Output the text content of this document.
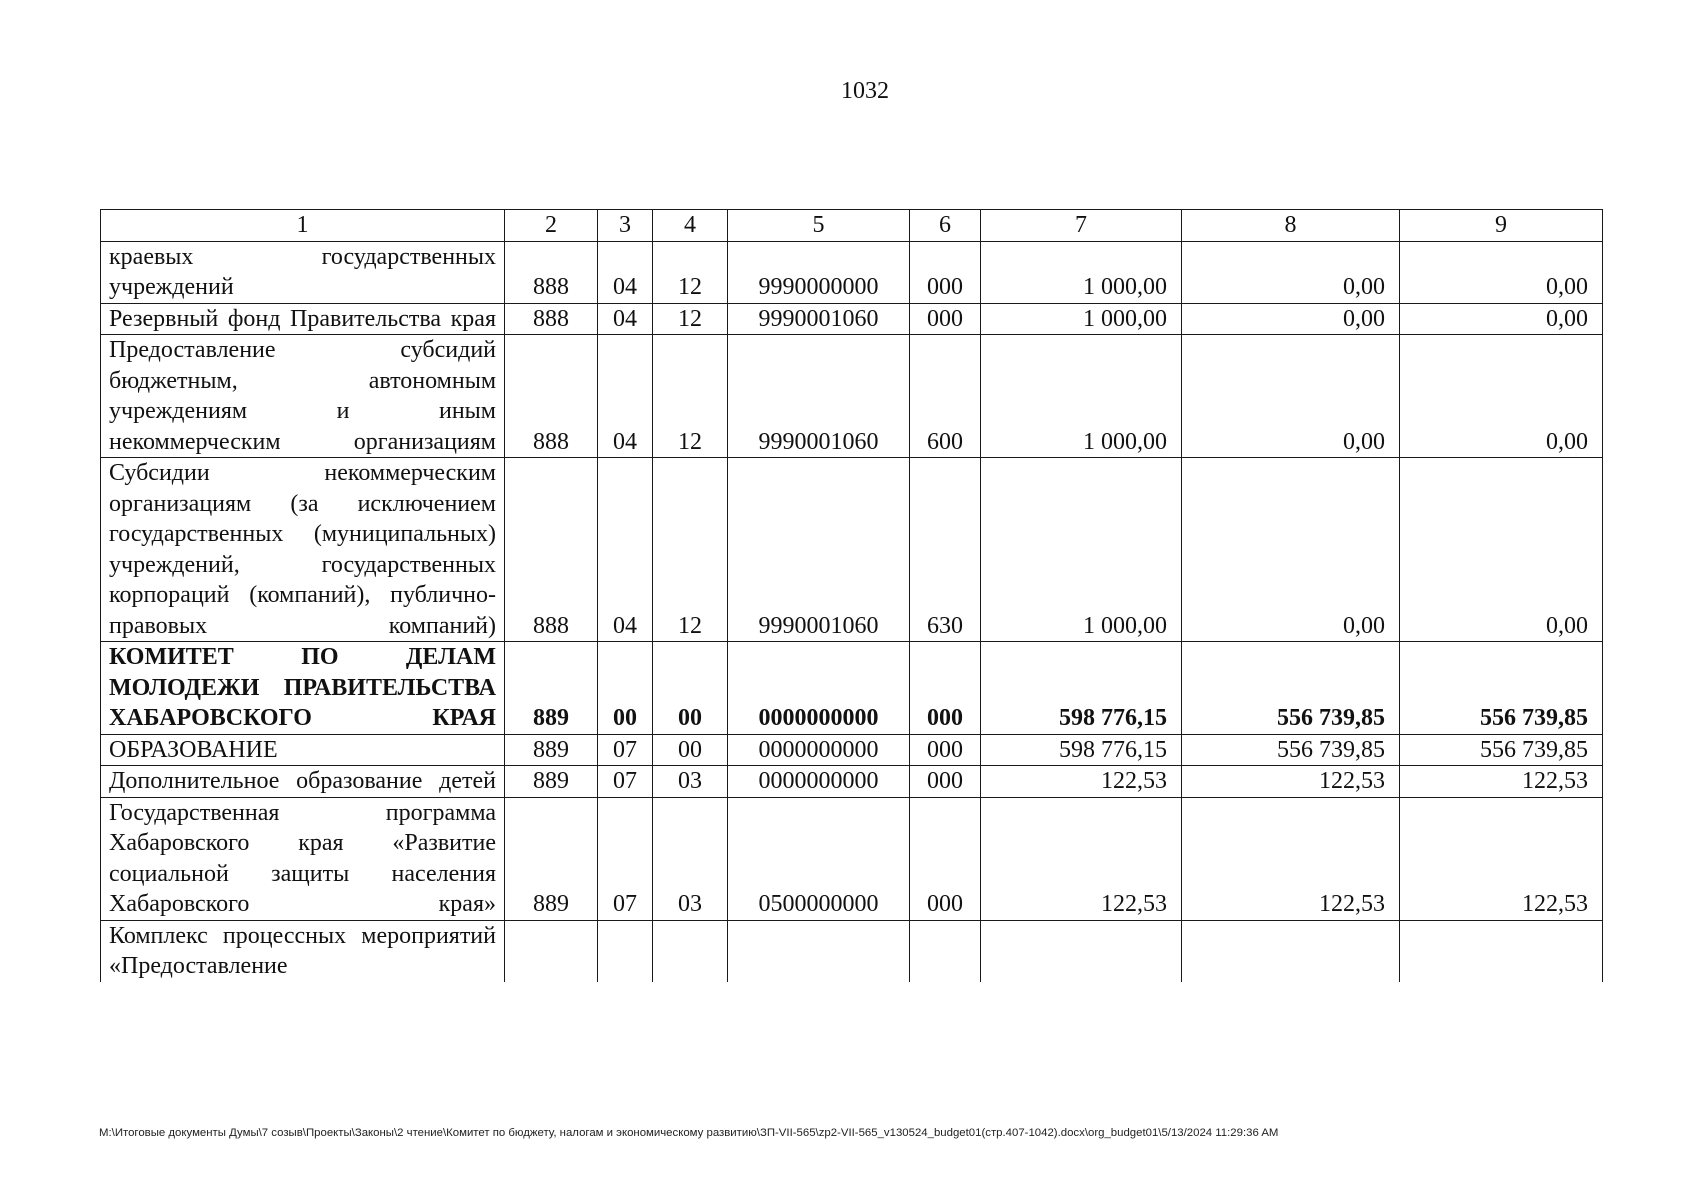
1032
1	2	3	4	5	6	7	8	9
краевых государственных учреждений	888	04	12	9990000000	000	1 000,00	0,00	0,00
Резервный фонд Правительства края	888	04	12	9990001060	000	1 000,00	0,00	0,00
Предоставление субсидий бюджетным, автономным учреждениям и иным некоммерческим организациям	888	04	12	9990001060	600	1 000,00	0,00	0,00
Субсидии некоммерческим организациям (за исключением государственных (муниципальных) учреждений, государственных корпораций (компаний), публично-правовых компаний)	888	04	12	9990001060	630	1 000,00	0,00	0,00
КОМИТЕТ ПО ДЕЛАМ МОЛОДЕЖИ ПРАВИТЕЛЬСТВА ХАБАРОВСКОГО КРАЯ	889	00	00	0000000000	000	598 776,15	556 739,85	556 739,85
ОБРАЗОВАНИЕ	889	07	00	0000000000	000	598 776,15	556 739,85	556 739,85
Дополнительное образование детей	889	07	03	0000000000	000	122,53	122,53	122,53
Государственная программа Хабаровского края «Развитие социальной защиты населения Хабаровского края»	889	07	03	0500000000	000	122,53	122,53	122,53
Комплекс процессных мероприятий «Предоставление								
M:\Итоговые документы Думы\7 созыв\Проекты\Законы\2 чтение\Комитет по бюджету, налогам и экономическому развитию\ЗП-VII-565\zp2-VII-565_v130524_budget01(стр.407-1042).docx\org_budget01\5/13/2024 11:29:36 AM
